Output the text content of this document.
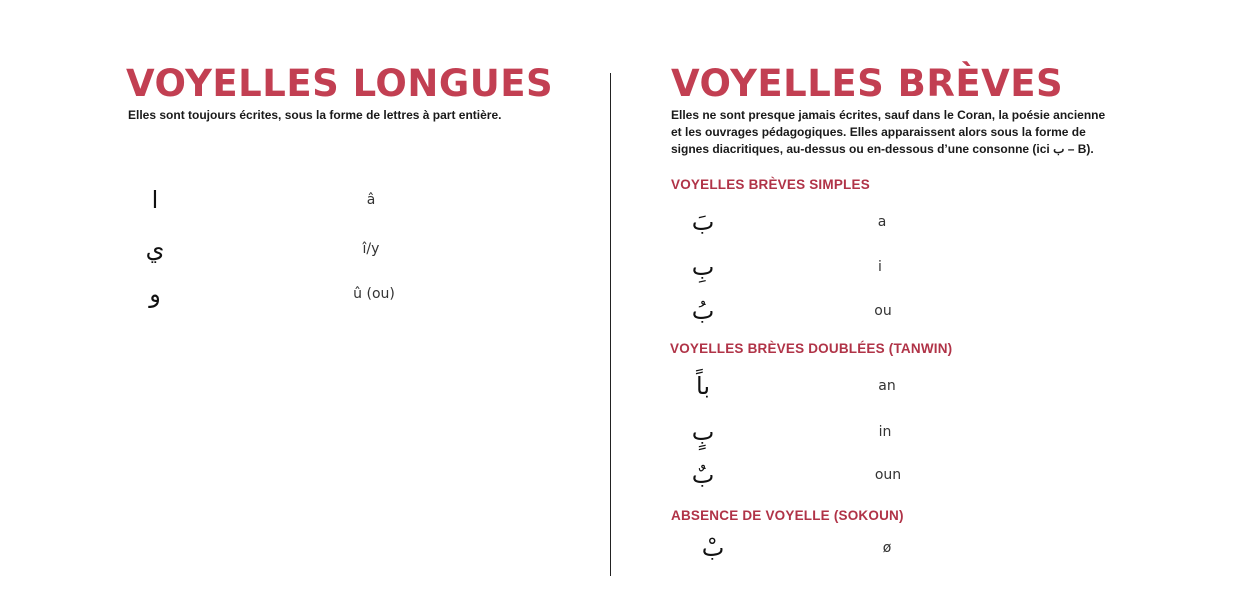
VOYELLES LONGUES

Elles sont toujours écrites, sous la forme de lettres à part entière.

ا	â
ي	î/y
و	û (ou)
VOYELLES BRÈVES

Elles ne sont presque jamais écrites, sauf dans le Coran, la poésie ancienne

et les ouvrages pédagogiques. Elles apparaissent alors sous la forme de

signes diacritiques, au-dessus ou en-dessous d’une consonne (ici ب – B).

VOYELLES BRÈVES SIMPLES

بَ	a
بِ	i
بُ	ou

VOYELLES BRÈVES DOUBLÉES (TANWIN)

باً	an
بٍ	in
بٌ	oun

ABSENCE DE VOYELLE (SOKOUN)

بْ	ø
